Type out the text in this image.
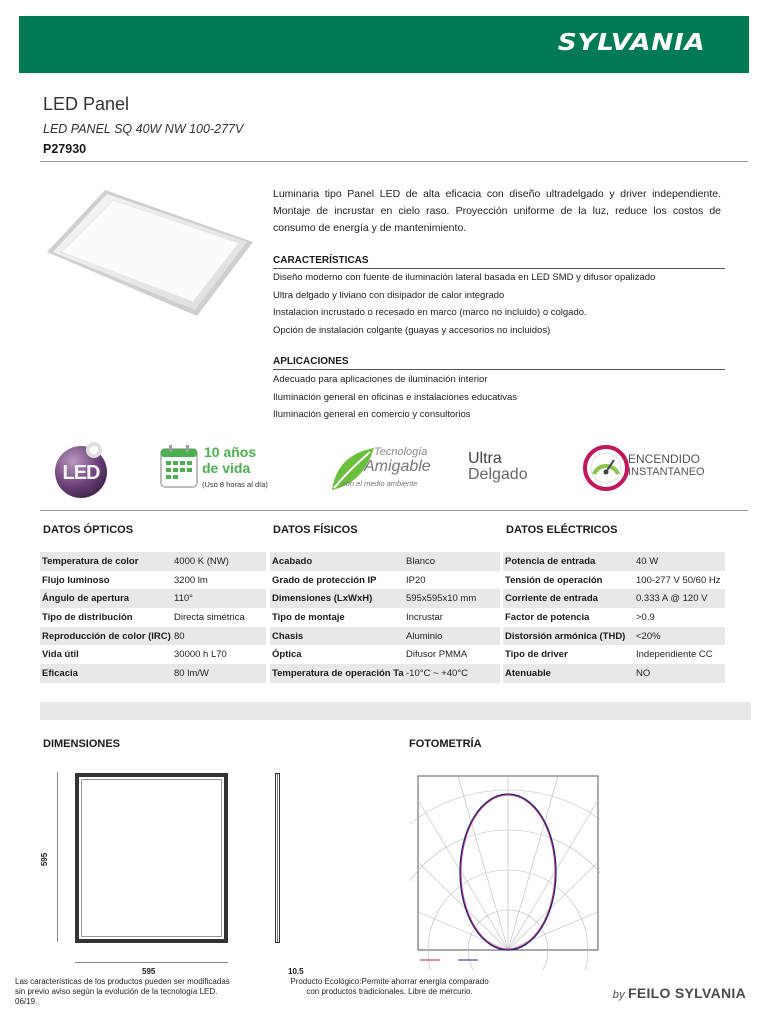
SYLVANIA
LED Panel
LED PANEL SQ 40W NW 100-277V
P27930
Luminaria tipo Panel LED de alta eficacia con diseño ultradelgado y driver independiente. Montaje de incrustar en cielo raso. Proyección uniforme de la luz, reduce los costos de consumo de energía y de mantenimiento.
CARACTERÍSTICAS
Diseño moderno con fuente de iluminación lateral basada en LED SMD y difusor opalizado
Ultra delgado y liviano con disipador de calor integrado
Instalacion incrustado o recesado en marco (marco no incluido) o colgado.
Opción de instalación colgante (guayas y accesorios no incluidos)
APLICACIONES
Adecuado para aplicaciones de iluminación interior
Iluminación general en oficinas e instalaciones educativas
Iluminación general en comercio y consultorios
LED
10 años
de vida
(Uso 8 horas al día)
Tecnología
Amigable
con el medio ambiente
Ultra
Delgado
ENCENDIDO
INSTANTANEO
DATOS ÓPTICOS	DATOS FÍSICOS	DATOS ELÉCTRICOS
Temperatura de color	4000 K (NW)
Flujo luminoso	3200 lm
Ángulo de apertura	110°
Tipo de distribución	Directa simétrica
Reproducción de color (IRC) 80
Vida útil	30000 h L70
Eficacia	80 lm/W
Acabado	Blanco
Grado de protección IP	IP20
Dimensiones (LxWxH)	595x595x10 mm
Tipo de montaje	Incrustar
Chasis	Aluminio
Óptica	Difusor PMMA
Temperatura de operación Ta -10°C ~ +40°C
Potencia de entrada	40 W
Tensión de operación	100-277 V 50/60 Hz
Corriente de entrada	0.333 A @ 120 V
Factor de potencia	>0.9
Distorsión armónica (THD)	<20%
Tipo de driver	Independiente CC
Atenuable	NO
DIMENSIONES	FOTOMETRÍA
595
595	10.5
Las características de los productos pueden ser modificadas sin previo aviso según la evolución de la tecnología LED. 06/19.
Producto Ecológico:Permite ahorrar energía comparado con productos tradicionales. Libre de mercurio.	by FEILO SYLVANIA
